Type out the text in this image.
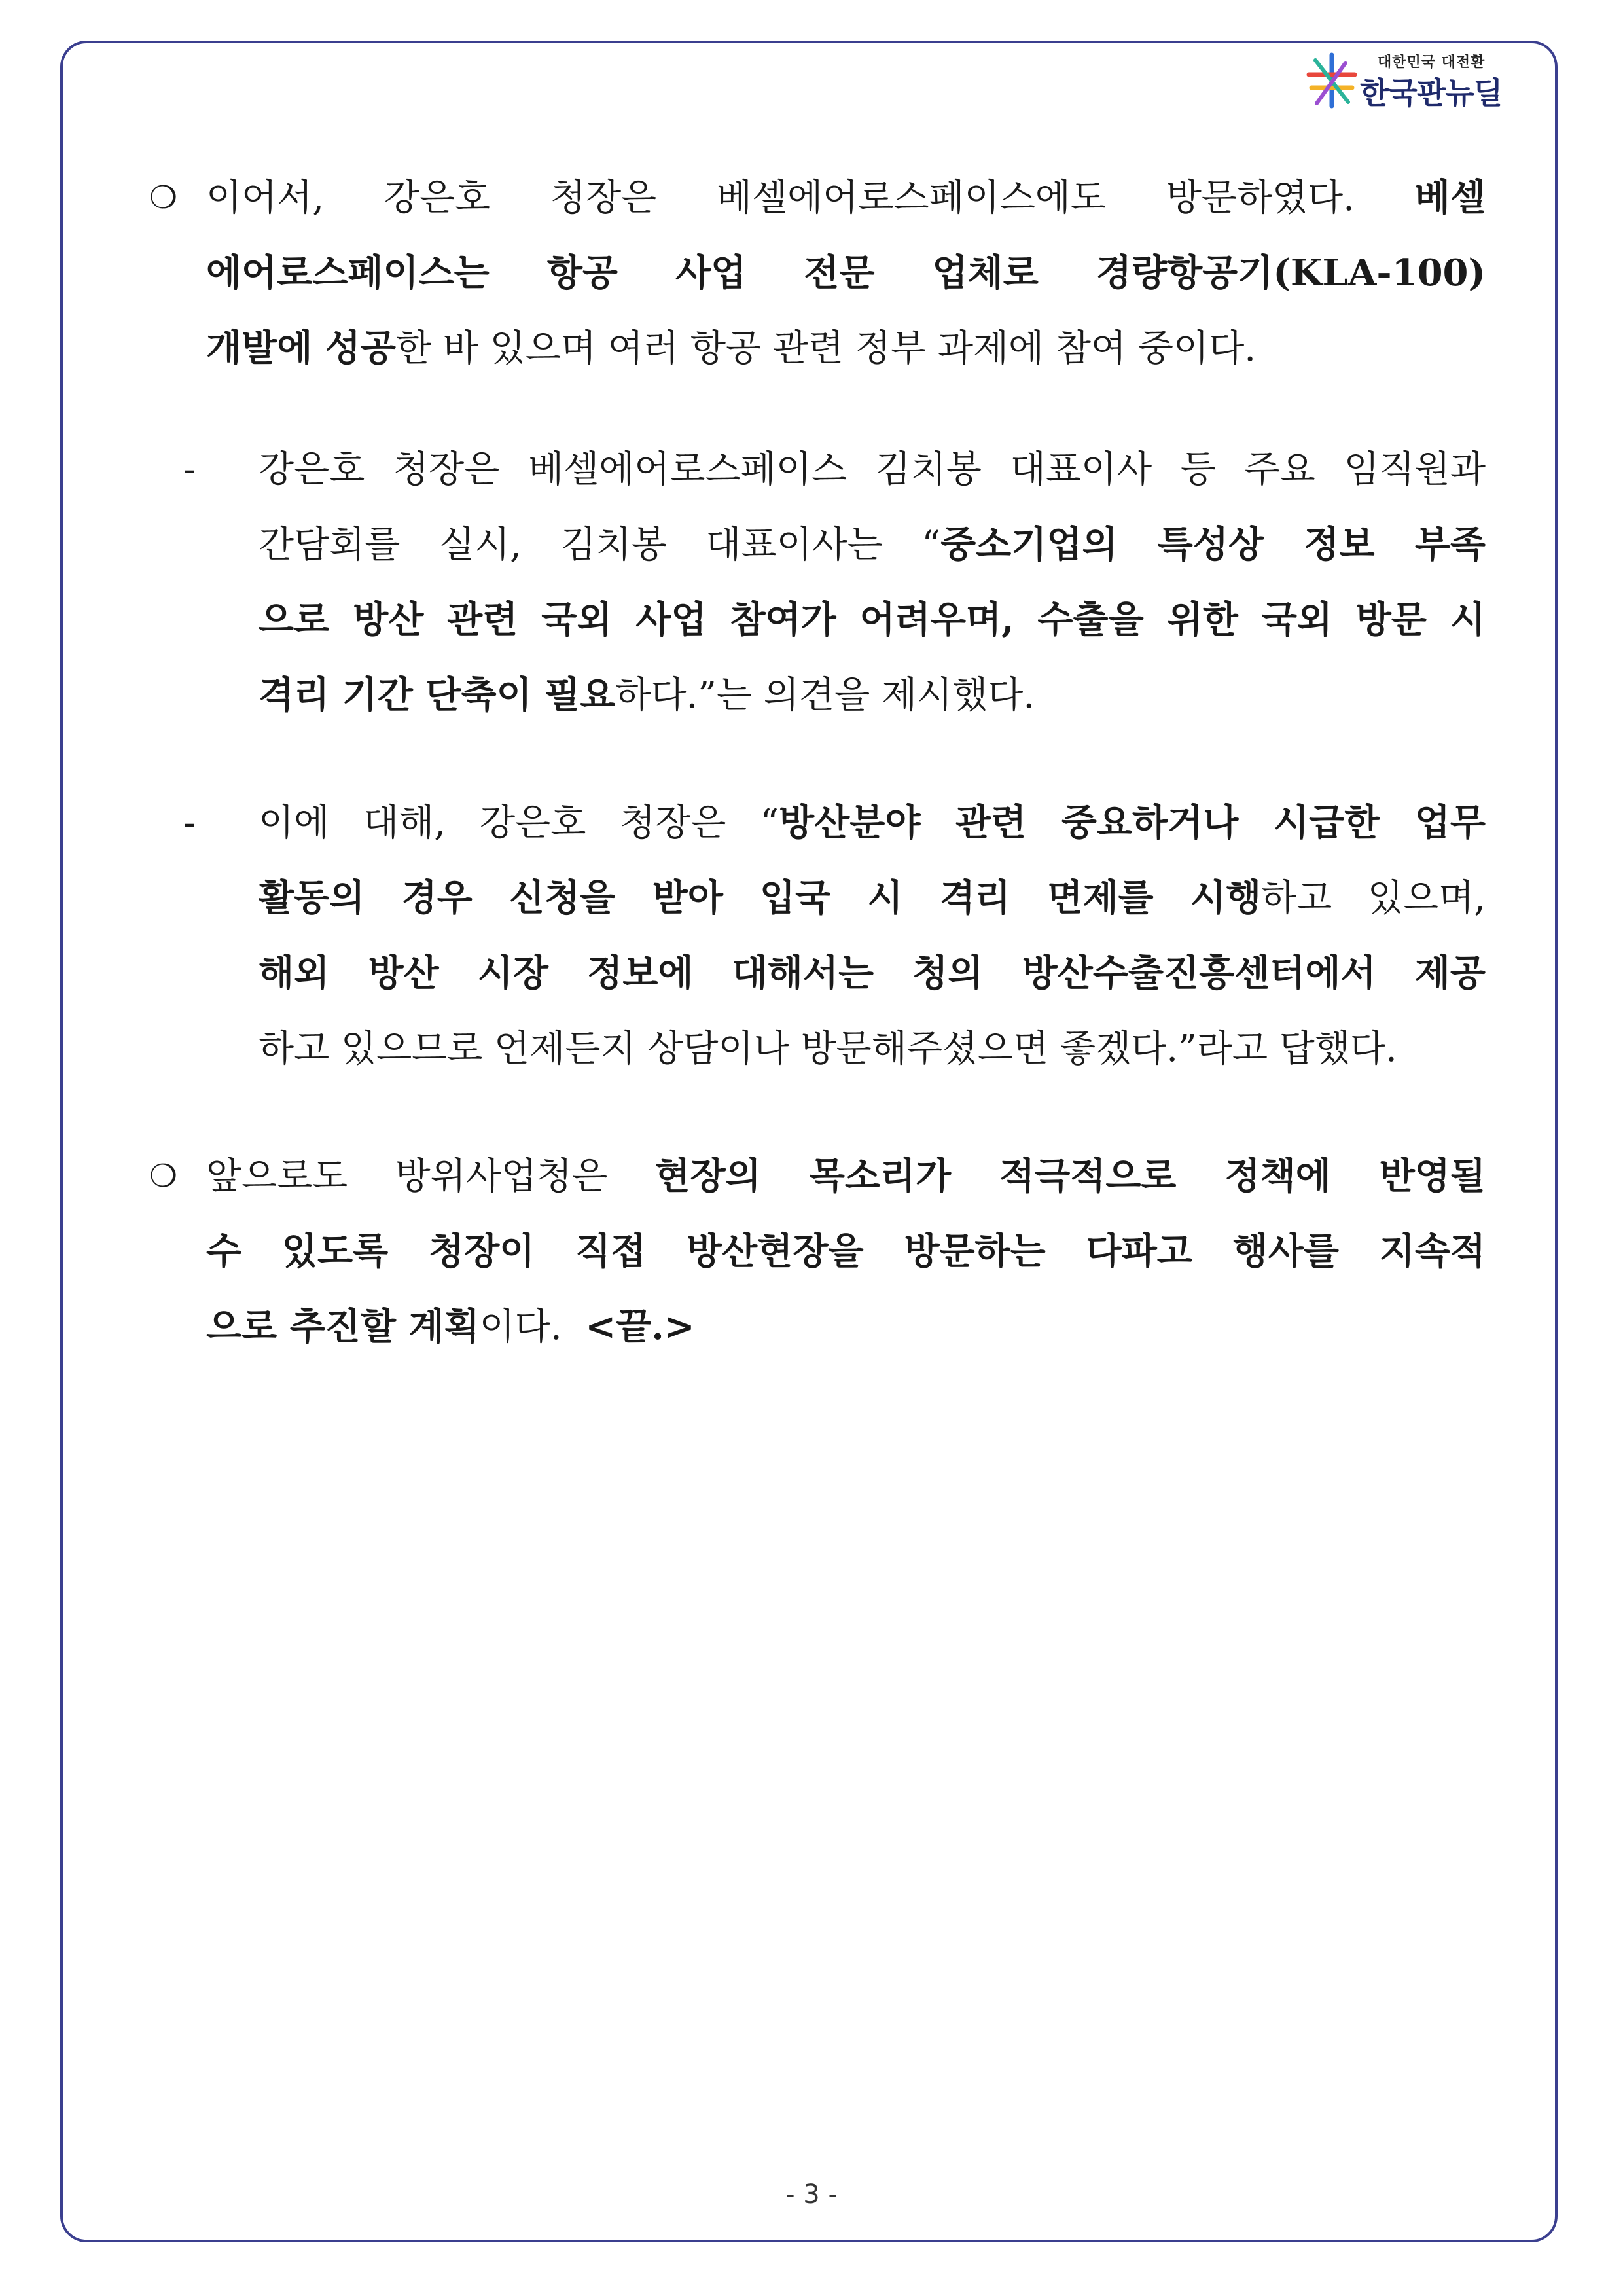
대한민국 대전환
한국판뉴딜
❍ 이어서, 강은호 청장은 베셀에어로스페이스에도 방문하였다. 베셀
에어로스페이스는 항공 사업 전문 업체로 경량항공기(KLA-100)
개발에 성공한 바 있으며 여러 항공 관련 정부 과제에 참여 중이다.
- 강은호 청장은 베셀에어로스페이스 김치봉 대표이사 등 주요 임직원과
간담회를 실시, 김치봉 대표이사는 “중소기업의 특성상 정보 부족
으로 방산 관련 국외 사업 참여가 어려우며, 수출을 위한 국외 방문 시
격리 기간 단축이 필요하다.”는 의견을 제시했다.
- 이에 대해, 강은호 청장은 “방산분야 관련 중요하거나 시급한 업무
활동의 경우 신청을 받아 입국 시 격리 면제를 시행하고 있으며,
해외 방산 시장 정보에 대해서는 청의 방산수출진흥센터에서 제공
하고 있으므로 언제든지 상담이나 방문해주셨으면 좋겠다.”라고 답했다.
❍ 앞으로도 방위사업청은 현장의 목소리가 적극적으로 정책에 반영될
수 있도록 청장이 직접 방산현장을 방문하는 다파고 행사를 지속적
으로 추진할 계획이다.  <끝.>
- 3 -
